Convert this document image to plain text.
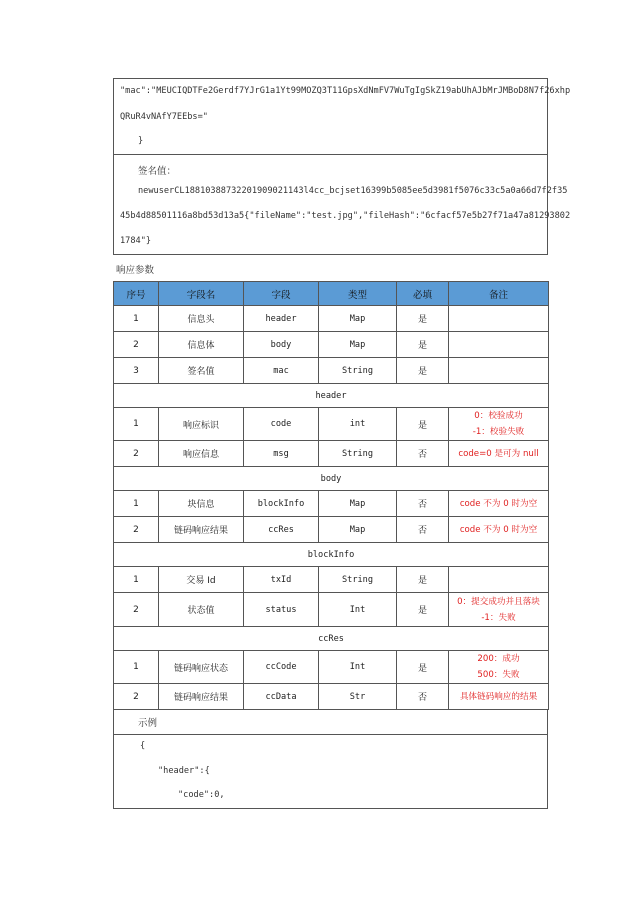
"mac":"MEUCIQDTFe2Gerdf7YJrG1a1Yt99MOZQ3T11GpsXdNmFV7WuTgIgSkZ19abUhAJbMrJMBoD8N7f26xhp
QRuR4vNAfY7EEbs="
}
签名值：
newuserCL18810388732201909021143l4cc_bcjset16399b5085ee5d3981f5076c33c5a0a66d7f2f35
45b4d88501116a8bd53d13a5{"fileName":"test.jpg","fileHash":"6cfacf57e5b27f71a47a81293802
1784"}
响应参数
序号	字段名	字段	类型	必填	备注
1	信息头	header	Map	是	
2	信息体	body	Map	是	
3	签名值	mac	String	是	
header					
1	响应标识	code	int	是	0：校验成功
-1：校验失败

2	响应信息	msg	String	否	code=0 是可为 null
body					
1	块信息	blockInfo	Map	否	code 不为 0 时为空
2	链码响应结果	ccRes	Map	否	code 不为 0 时为空
blockInfo					
1	交易 Id	txId	String	是	
2	状态值	status	Int	是	0：提交成功并且落块
-1：失败

ccRes					
1	链码响应状态	ccCode	Int	是	200：成功
500：失败

2	链码响应结果	ccData	Str	否	具体链码响应的结果
示例
{
"header":{
"code":0,
